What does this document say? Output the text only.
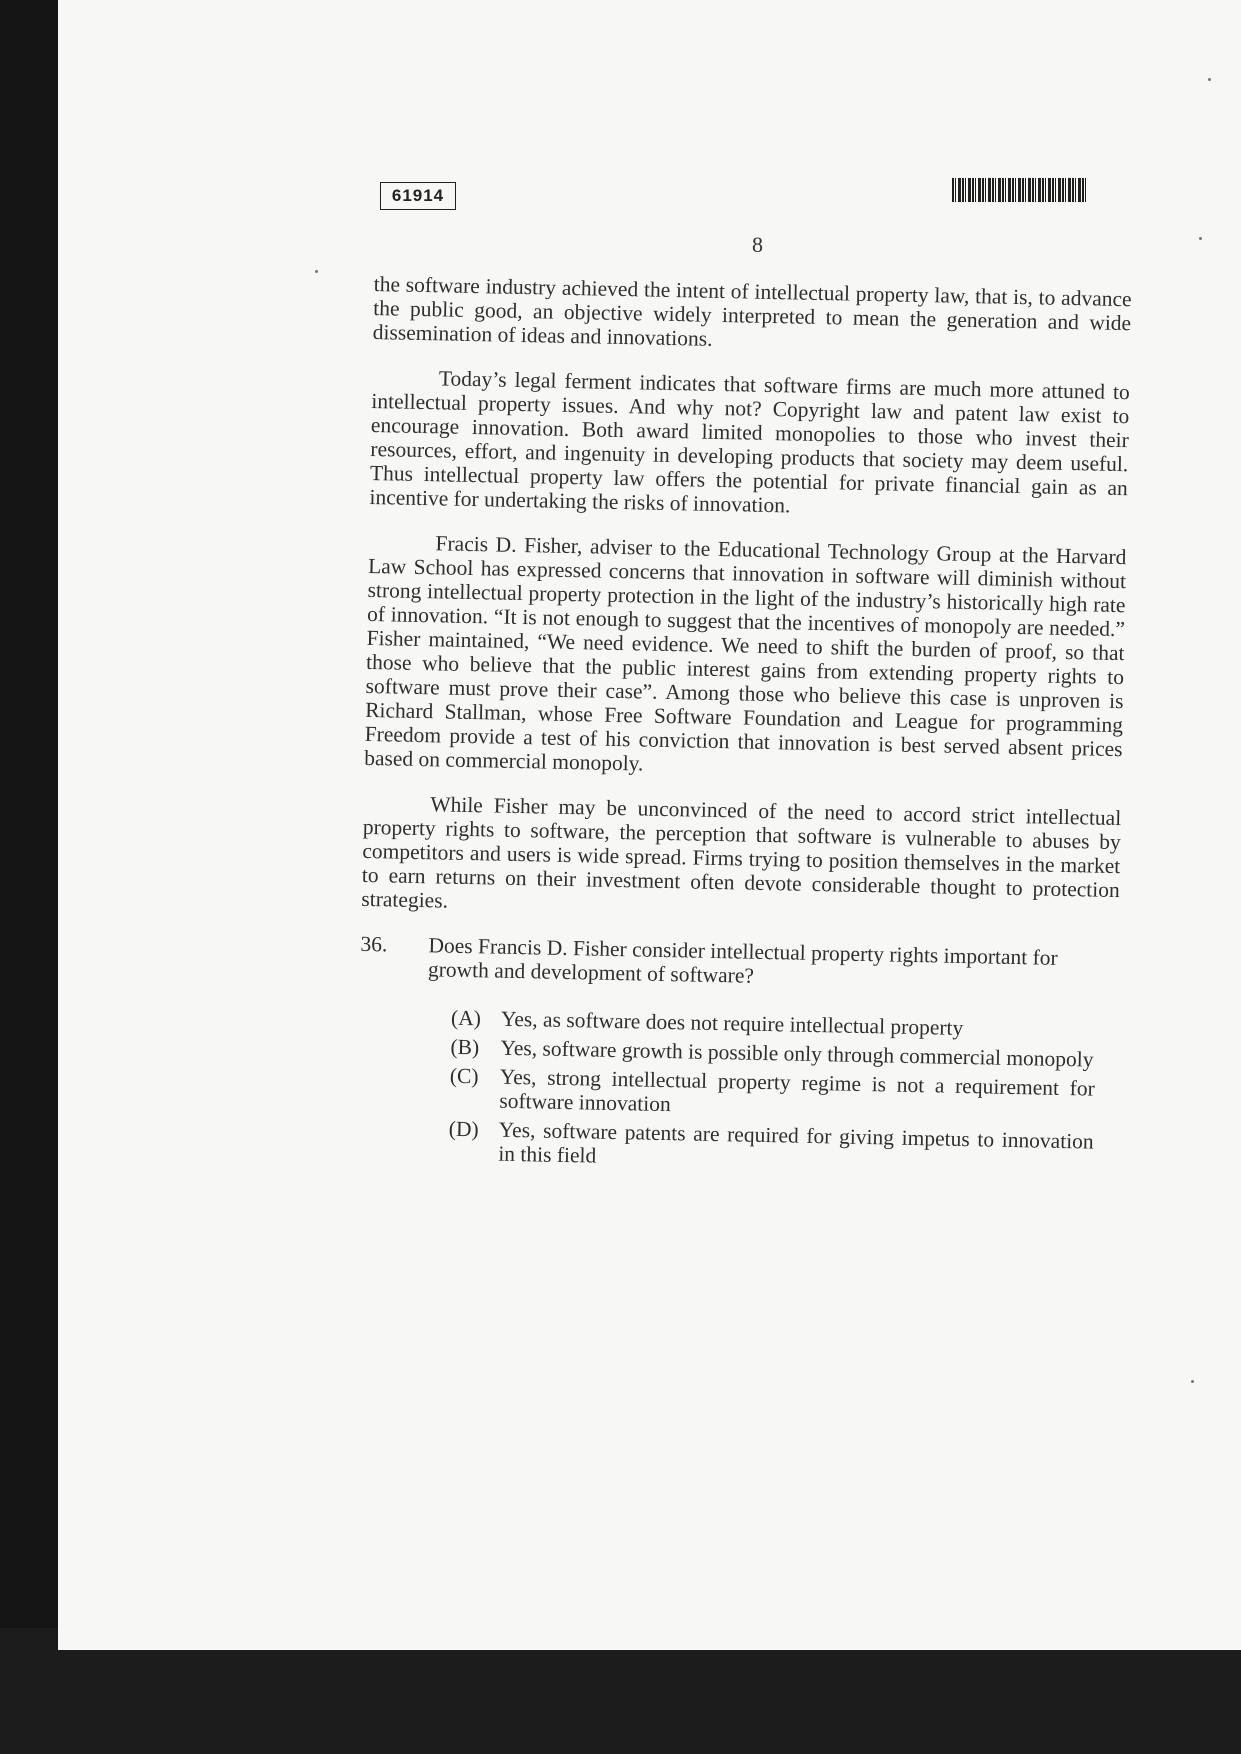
61914
8

the software industry achieved the intent of intellectual property law, that is, to advance the public good, an objective widely interpreted to mean the generation and wide dissemination of ideas and innovations.

Today’s legal ferment indicates that software firms are much more attuned to intellectual property issues. And why not? Copyright law and patent law exist to encourage innovation. Both award limited monopolies to those who invest their resources, effort, and ingenuity in developing products that society may deem useful. Thus intellectual property law offers the potential for private financial gain as an incentive for undertaking the risks of innovation.

Fracis D. Fisher, adviser to the Educational Technology Group at the Harvard Law School has expressed concerns that innovation in software will diminish without strong intellectual property protection in the light of the industry’s historically high rate of innovation. “It is not enough to suggest that the incentives of monopoly are needed.” Fisher maintained, “We need evidence. We need to shift the burden of proof, so that those who believe that the public interest gains from extending property rights to software must prove their case”. Among those who believe this case is unproven is Richard Stallman, whose Free Software Foundation and League for programming Freedom provide a test of his conviction that innovation is best served absent prices based on commercial monopoly.

While Fisher may be unconvinced of the need to accord strict intellectual property rights to software, the perception that software is vulnerable to abuses by competitors and users is wide spread. Firms trying to position themselves in the market to earn returns on their investment often devote considerable thought to protection strategies.

36.	Does Francis D. Fisher consider intellectual property rights important for growth and development of software?
(A) Yes, as software does not require intellectual property
(B) Yes, software growth is possible only through commercial monopoly
(C) Yes, strong intellectual property regime is not a requirement for software innovation
(D) Yes, software patents are required for giving impetus to innovation in this field
